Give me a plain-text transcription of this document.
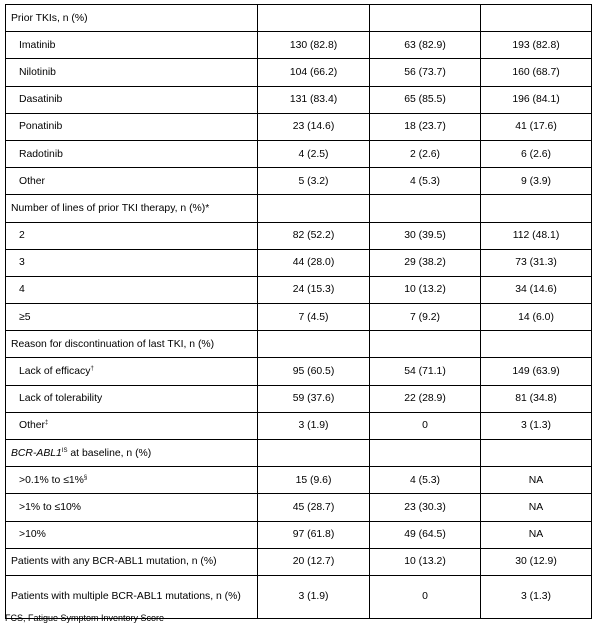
Prior TKIs, n (%)			
Imatinib	130 (82.8)	63 (82.9)	193 (82.8)
Nilotinib	104 (66.2)	56 (73.7)	160 (68.7)
Dasatinib	131 (83.4)	65 (85.5)	196 (84.1)
Ponatinib	23 (14.6)	18 (23.7)	41 (17.6)
Radotinib	4 (2.5)	2 (2.6)	6 (2.6)
Other	5 (3.2)	4 (5.3)	9 (3.9)
Number of lines of prior TKI therapy, n (%)*			
2	82 (52.2)	30 (39.5)	112 (48.1)
3	44 (28.0)	29 (38.2)	73 (31.3)
4	24 (15.3)	10 (13.2)	34 (14.6)
≥5	7 (4.5)	7 (9.2)	14 (6.0)
Reason for discontinuation of last TKI, n (%)			
Lack of efficacy†	95 (60.5)	54 (71.1)	149 (63.9)
Lack of tolerability	59 (37.6)	22 (28.9)	81 (34.8)
Other‡	3 (1.9)	0	3 (1.3)
BCR-$ABL1^{IS}$ at baseline, n (%)			
>0.1% to ≤1%§	15 (9.6)	4 (5.3)	NA
>1% to ≤10%	45 (28.7)	23 (30.3)	NA
>10%	97 (61.8)	49 (64.5)	NA
Patients with any BCR-ABL1 mutation, n (%)	20 (12.7)	10 (13.2)	30 (12.9)
Patients with multiple BCR-ABL1 mutations, n (%)	3 (1.9)	0	3 (1.3)
FCS, Fatigue Symptom Inventory Score
